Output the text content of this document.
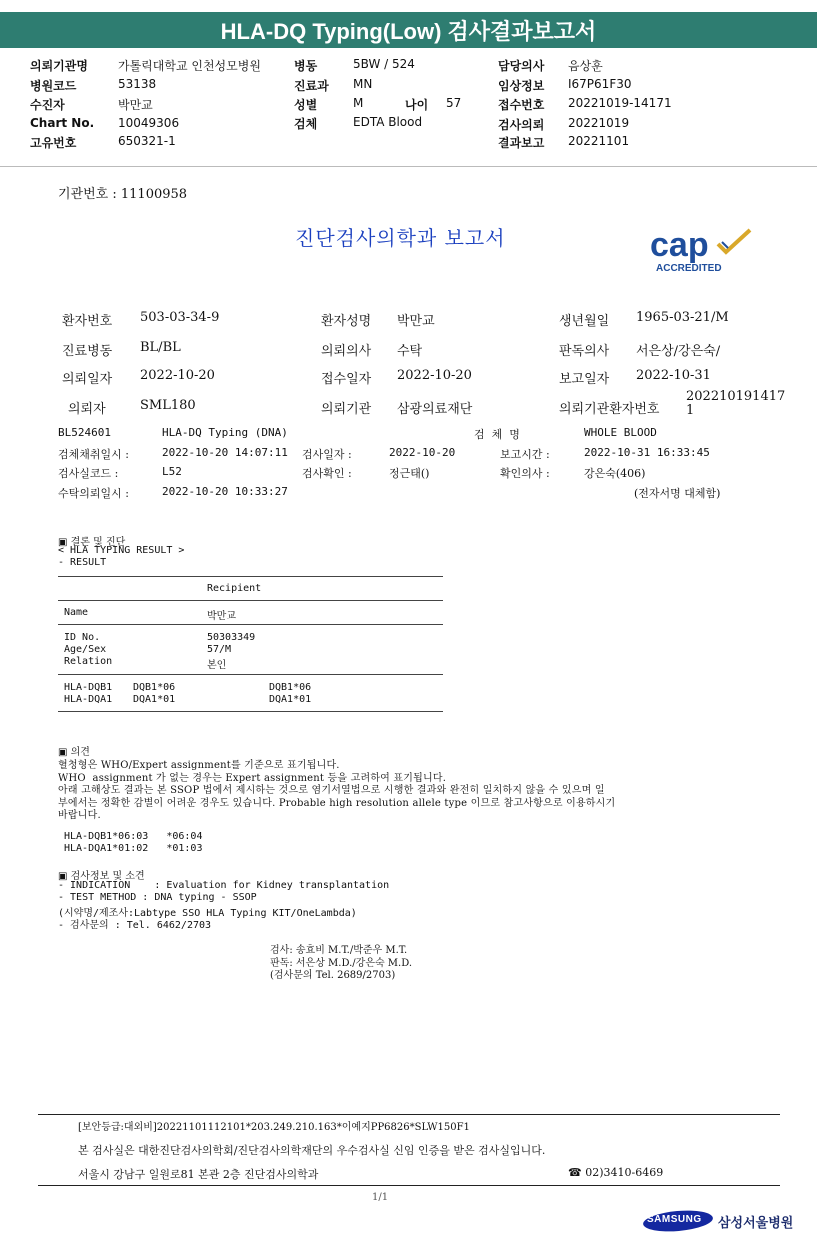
HLA-DQ Typing(Low) 검사결과보고서
의뢰기관명	가톨릭대학교 인천성모병원
병원코드	53138
수진자	박만교
Chart No. 10049306
고유번호	650321-1
병동	5BW / 524
진료과 MN
성별	M
검체	EDTA Blood
나이 57
담당의사 음상훈
임상정보 I67P61F30
접수번호 20221019-14171
검사의뢰 20221019
결과보고 20221101
기관번호 : 11100958
진단검사의학과 보고서	cap
ACCREDITED
환자번호 503-03-34-9	환자성명 박만교	생년월일 1965-03-21/M
진료병동 BL/BL	의뢰의사 수탁	판독의사 서은상/강은숙/
의뢰일자 2022-10-20	접수일자 2022-10-20	보고일자 2022-10-31
의뢰자	SML180	의뢰기관 삼광의료재단	의뢰기관환자번호
202210191417
1
BL524601	HLA-DQ Typing (DNA)	검  체  명	WHOLE BLOOD
검체채취일시 :	2022-10-20 14:07:11 검사일자 :	2022-10-20	보고시간 :	2022-10-31 16:33:45
검사실코드 :	L52	검사확인 :	정근태()	확인의사 :	강은숙(406)
수탁의뢰일시 :	2022-10-20 10:33:27	(전자서명 대체함)
▣ 결론 및 진단
< HLA TYPING RESULT >
- RESULT
Recipient
Name	박만교
ID No.	50303349
Age/Sex	57/M
Relation	본인
HLA-DQB1 DQB1*06	DQB1*06
HLA-DQA1 DQA1*01	DQA1*01
▣ 의견
혈청형은 WHO/Expert assignment를 기준으로 표기됩니다.
WHO  assignment 가 없는 경우는 Expert assignment 등을 고려하여 표기됩니다.
아래 고해상도 결과는 본 SSOP 법에서 제시하는 것으로 염기서열법으로 시행한 결과와 완전히 일치하지 않을 수 있으며 일
부에서는 정확한 감별이 어려운 경우도 있습니다. Probable high resolution allele type 이므로 참고사항으로 이용하시기
바랍니다.
HLA-DQB1*06:03   *06:04
HLA-DQA1*01:02   *01:03
▣ 검사정보 및 소견
- INDICATION    : Evaluation for Kidney transplantation
- TEST METHOD : DNA typing - SSOP
(시약명/제조사:Labtype SSO HLA Typing KIT/OneLambda)
- 검사문의 : Tel. 6462/2703
검사: 송효비 M.T./박준우 M.T.
판독: 서은상 M.D./강은숙 M.D.
(검사문의 Tel. 2689/2703)
[보안등급:대외비]20221101112101*203.249.210.163*이예지PP6826*SLW150F1
본 검사실은 대한진단검사의학회/진단검사의학재단의 우수검사실 신임 인증을 받은 검사실입니다.
서울시 강남구 일원로81 본관 2층 진단검사의학과	☎ 02)3410-6469
1/1
SAMSUNG 삼성서울병원
